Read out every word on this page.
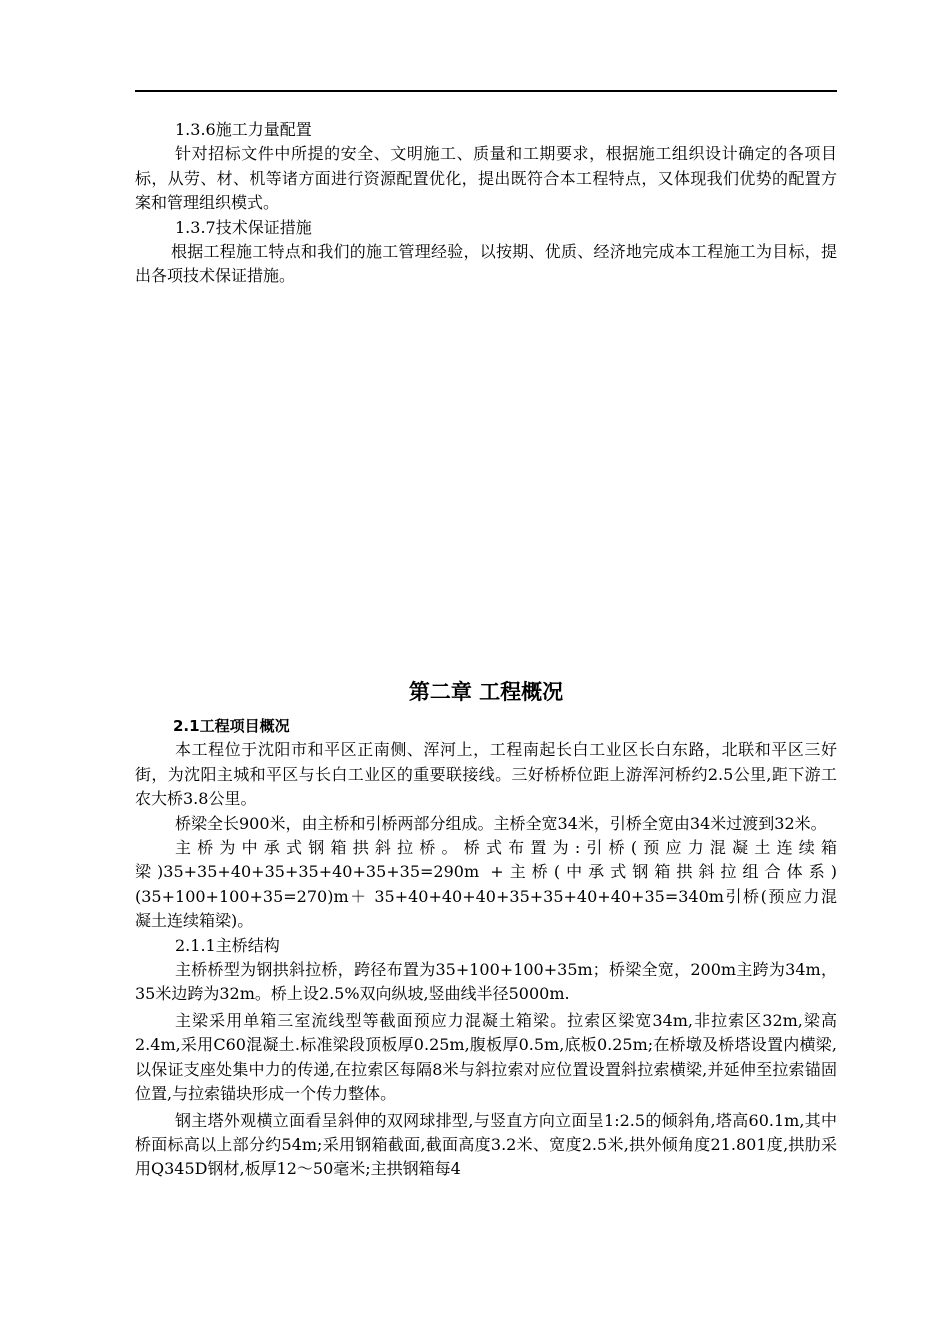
1.3.6施工力量配置

针对招标文件中所提的安全、文明施工、质量和工期要求，根据施工组织设计确定的各项目标，从劳、材、机等诸方面进行资源配置优化，提出既符合本工程特点，又体现我们优势的配置方案和管理组织模式。

1.3.7技术保证措施

根据工程施工特点和我们的施工管理经验，以按期、优质、经济地完成本工程施工为目标，提出各项技术保证措施。

第二章 工程概况

2.1工程项目概况

本工程位于沈阳市和平区正南侧、浑河上，工程南起长白工业区长白东路，北联和平区三好街，为沈阳主城和平区与长白工业区的重要联接线。三好桥桥位距上游浑河桥约2.5公里,距下游工农大桥3.8公里。

桥梁全长900米，由主桥和引桥两部分组成。主桥全宽34米，引桥全宽由34米过渡到32米。

主桥为中承式钢箱拱斜拉桥。桥式布置为:引桥(预应力混凝土连续箱梁)35+35+40+35+35+40+35+35=290m +主桥(中承式钢箱拱斜拉组合体系)(35+100+100+35=270)m＋ 35+40+40+40+35+35+40+40+35=340m引桥(预应力混凝土连续箱梁)。

2.1.1主桥结构

主桥桥型为钢拱斜拉桥，跨径布置为35+100+100+35m；桥梁全宽，200m主跨为34m，35米边跨为32m。桥上设2.5%双向纵坡,竖曲线半径5000m.

主梁采用单箱三室流线型等截面预应力混凝土箱梁。拉索区梁宽34m,非拉索区32m,梁高2.4m,采用C60混凝土.标准梁段顶板厚0.25m,腹板厚0.5m,底板0.25m;在桥墩及桥塔设置内横梁,以保证支座处集中力的传递,在拉索区每隔8米与斜拉索对应位置设置斜拉索横梁,并延伸至拉索锚固位置,与拉索锚块形成一个传力整体。

钢主塔外观横立面看呈斜伸的双网球排型,与竖直方向立面呈1:2.5的倾斜角,塔高60.1m,其中桥面标高以上部分约54m;采用钢箱截面,截面高度3.2米、宽度2.5米,拱外倾角度21.801度,拱肋采用Q345D钢材,板厚12～50毫米;主拱钢箱每4
